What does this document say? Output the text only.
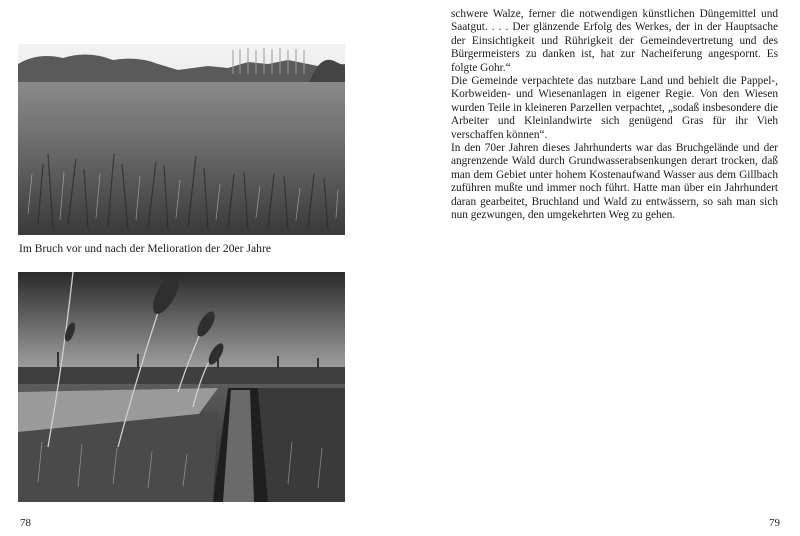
Im Bruch vor und nach der Melioration der 20er Jahre
78

schwere Walze, ferner die notwendigen künstlichen Düngemittel und Saatgut. . . . Der glänzende Erfolg des Werkes, der in der Hauptsache der Einsichtigkeit und Rührigkeit der Gemeindevertretung und des Bürgermeisters zu danken ist, hat zur Nacheiferung angespornt. Es folgte Gohr.“

Die Gemeinde verpachtete das nutzbare Land und behielt die Pappel-, Korbweiden- und Wiesenanlagen in eigener Regie. Von den Wiesen wurden Teile in kleineren Parzellen verpachtet, „sodaß insbesondere die Arbeiter und Kleinlandwirte sich genügend Gras für ihr Vieh verschaffen können“.

In den 70er Jahren dieses Jahrhunderts war das Bruchgelände und der angrenzende Wald durch Grundwasserabsenkungen derart trocken, daß man dem Gebiet unter hohem Kostenaufwand Wasser aus dem Gillbach zuführen mußte und immer noch führt. Hatte man über ein Jahrhundert daran gearbeitet, Bruchland und Wald zu entwässern, so sah man sich nun gezwungen, den umgekehrten Weg zu gehen.

79
